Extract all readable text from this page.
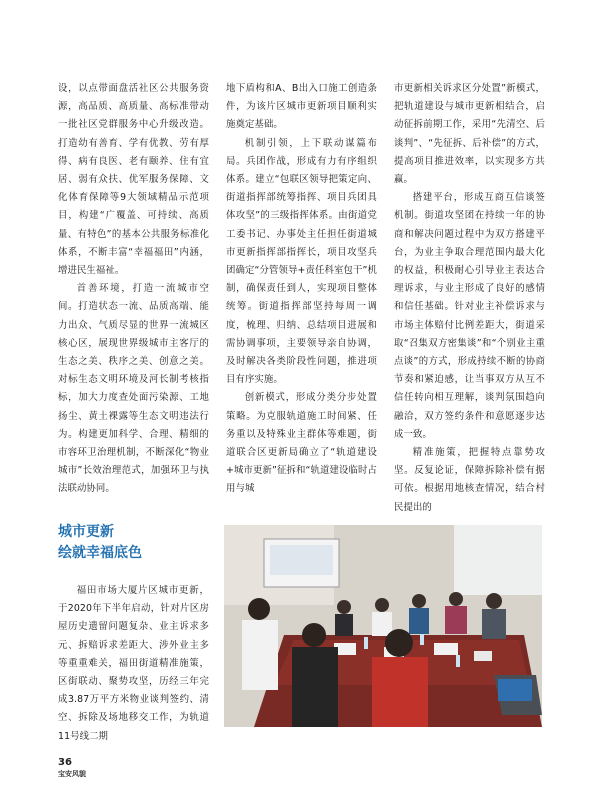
设，以点带面盘活社区公共服务资源，高品质、高质量、高标准带动一批社区党群服务中心升级改造。打造幼有善育、学有优教、劳有厚得、病有良医、老有颐养、住有宜居、弱有众扶、优军服务保障、文化体育保障等9大领域精品示范项目，构建“广覆盖、可持续、高质量、有特色”的基本公共服务标准化体系，不断丰富“幸福福田”内涵，增进民生福祉。

首善环境，打造一流城市空间。打造状态一流、品质高端、能力出众、气质尽显的世界一流城区核心区，展现世界级城市主客厅的生态之美、秩序之美、创意之美。对标生态文明环境及河长制考核指标，加大力度查处面污染源、工地扬尘、黄土裸露等生态文明违法行为。构建更加科学、合理、精细的市容环卫治理机制，不断深化“物业城市”长效治理范式，加强环卫与执法联动协同。

地下盾构和A、B出入口施工创造条件，为该片区城市更新项目顺利实施奠定基础。

机制引领，上下联动谋篇布局。兵团作战，形成有力有序组织体系。建立“包联区领导把策定向、街道指挥部统筹指挥、项目兵团具体攻坚”的三级指挥体系。由街道党工委书记、办事处主任担任街道城市更新指挥部指挥长，项目攻坚兵团确定“分管领导+责任科室包干”机制，确保责任到人，实现项目整体统筹。街道指挥部坚持每周一调度，梳理、归纳、总结项目进展和需协调事项，主要领导亲自协调，及时解决各类阶段性问题，推进项目有序实施。

创新模式，形成分类分步处置策略。为克服轨道施工时间紧、任务重以及特殊业主群体等难题，街道联合区更新局确立了“轨道建设+城市更新”征拆和“轨道建设临时占用与城

市更新相关诉求区分处置”新模式，把轨道建设与城市更新相结合，启动征拆前期工作，采用“先清空、后谈判”、“先征拆、后补偿”的方式，提高项目推进效率，以实现多方共赢。

搭建平台，形成互商互信谈签机制。街道攻坚团在持续一年的协商和解决问题过程中为双方搭建平台，为业主争取合理范围内最大化的权益，积极耐心引导业主表达合理诉求，与业主形成了良好的感情和信任基础。针对业主补偿诉求与市场主体赔付比例差距大，街道采取“召集双方密集谈”和“个别业主重点谈”的方式，形成持续不断的协商节奏和紧迫感，让当事双方从互不信任转向相互理解，谈判氛围趋向融洽，双方签约条件和意愿逐步达成一致。

精准施策，把握特点靠势攻坚。反复论证，保障拆除补偿有据可依。根据用地核查情况，结合村民提出的

城市更新
绘就幸福底色

福田市场大厦片区城市更新，于2020年下半年启动，针对片区房屋历史遗留问题复杂、业主诉求多元、拆赔诉求差距大、涉外业主多等重重难关，福田街道精准施策，区街联动、聚势攻坚，历经三年完成3.87万平方米物业谈判签约、清空、拆除及场地移交工作，为轨道11号线二期

36
宝安风貌
